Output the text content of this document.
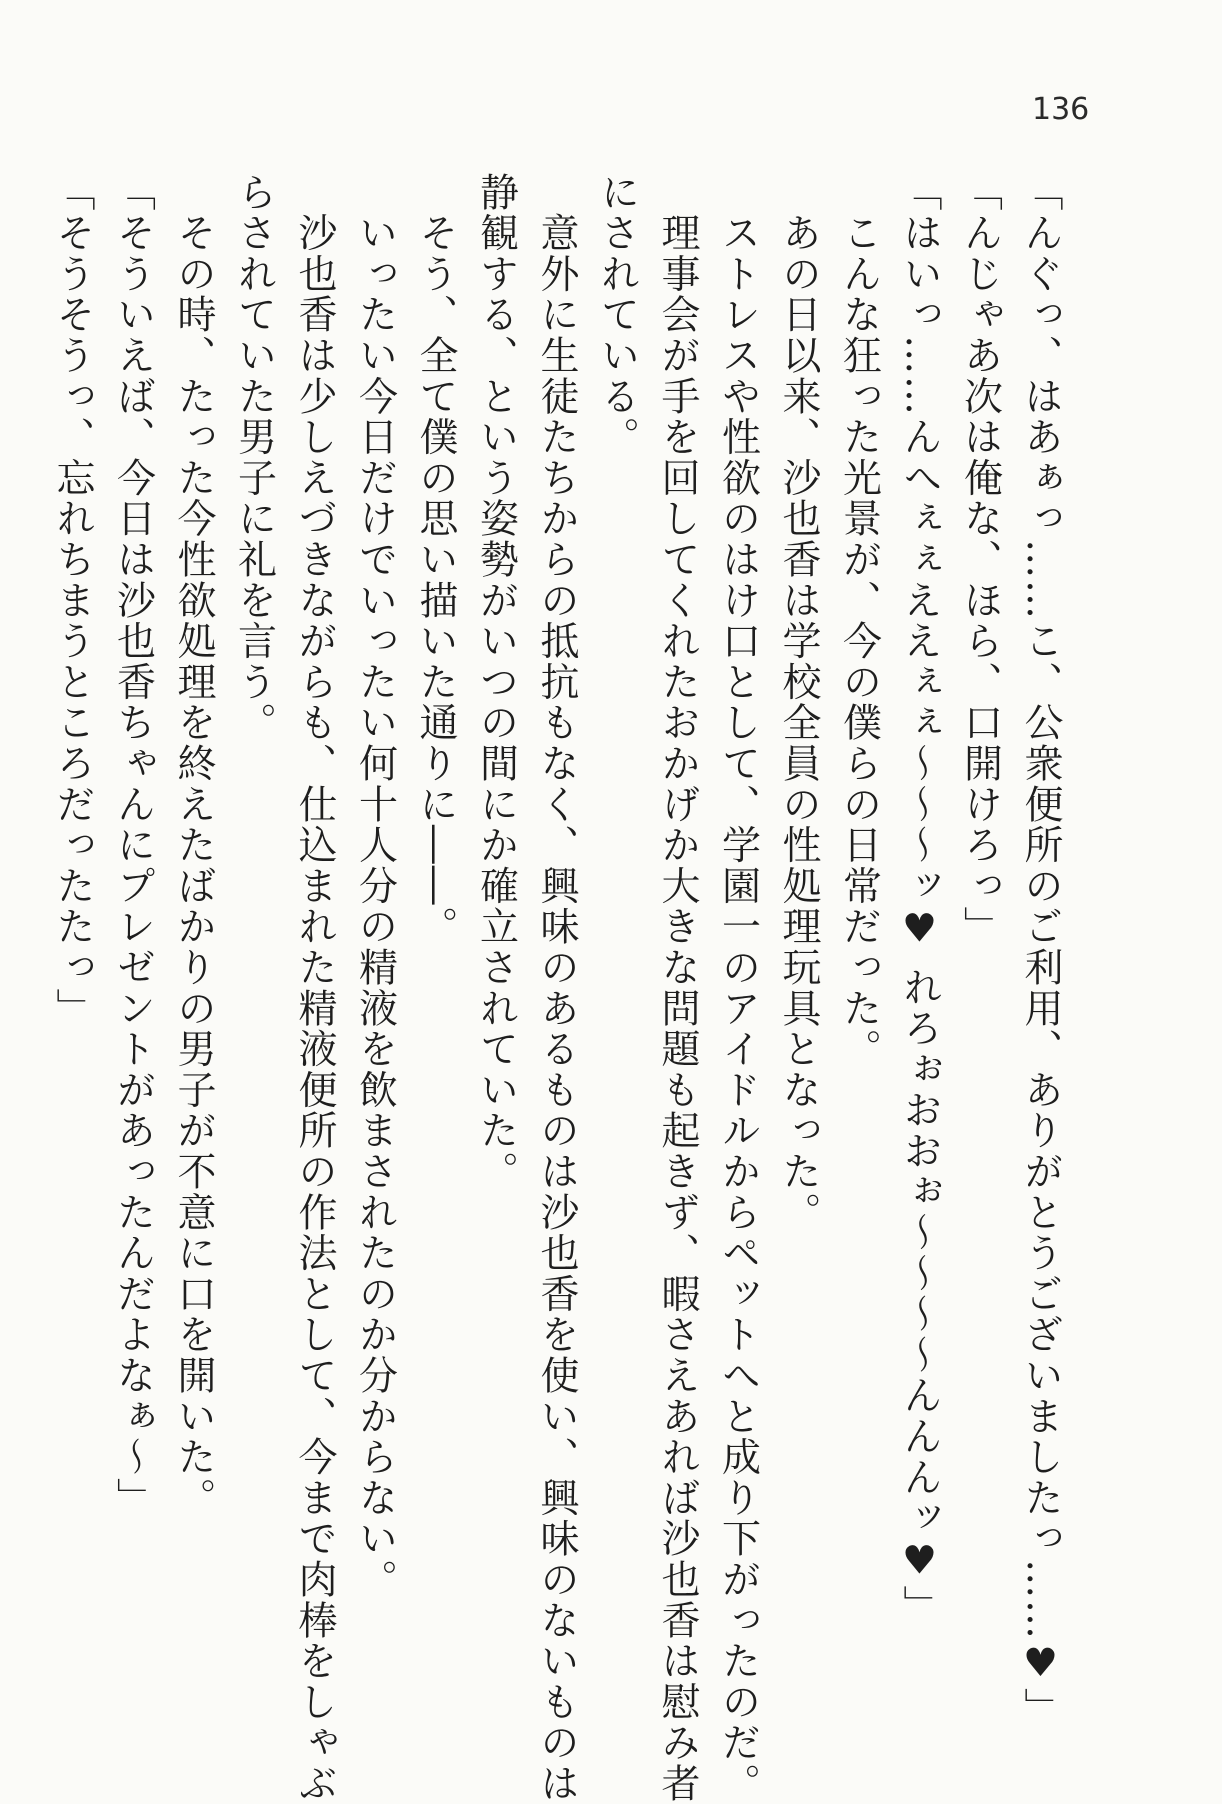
136
「んぐっ、はあぁっ……こ、公衆便所のご利用、ありがとうございましたっ……♥」
「んじゃあ次は俺な、ほら、口開けろっ」
「はいっ……んへぇぇええぇぇ〜〜〜ッ♥ れろぉおおぉ〜〜〜〜んんんッ♥」
　こんな狂った光景が、今の僕らの日常だった。
　あの日以来、沙也香は学校全員の性処理玩具となった。
　ストレスや性欲のはけ口として、学園一のアイドルからペットへと成り下がったのだ。
　理事会が手を回してくれたおかげか大きな問題も起きず、暇さえあれば沙也香は慰み者
にされている。
　意外に生徒たちからの抵抗もなく、興味のあるものは沙也香を使い、興味のないものは
静観する、という姿勢がいつの間にか確立されていた。
　そう、全て僕の思い描いた通りに――。
　いったい今日だけでいったい何十人分の精液を飲まされたのか分からない。
　沙也香は少しえづきながらも、仕込まれた精液便所の作法として、今まで肉棒をしゃぶ
らされていた男子に礼を言う。
　その時、たった今性欲処理を終えたばかりの男子が不意に口を開いた。
「そういえば、今日は沙也香ちゃんにプレゼントがあったんだよなぁ〜」
「そうそうっ、忘れちまうところだったたっ」
